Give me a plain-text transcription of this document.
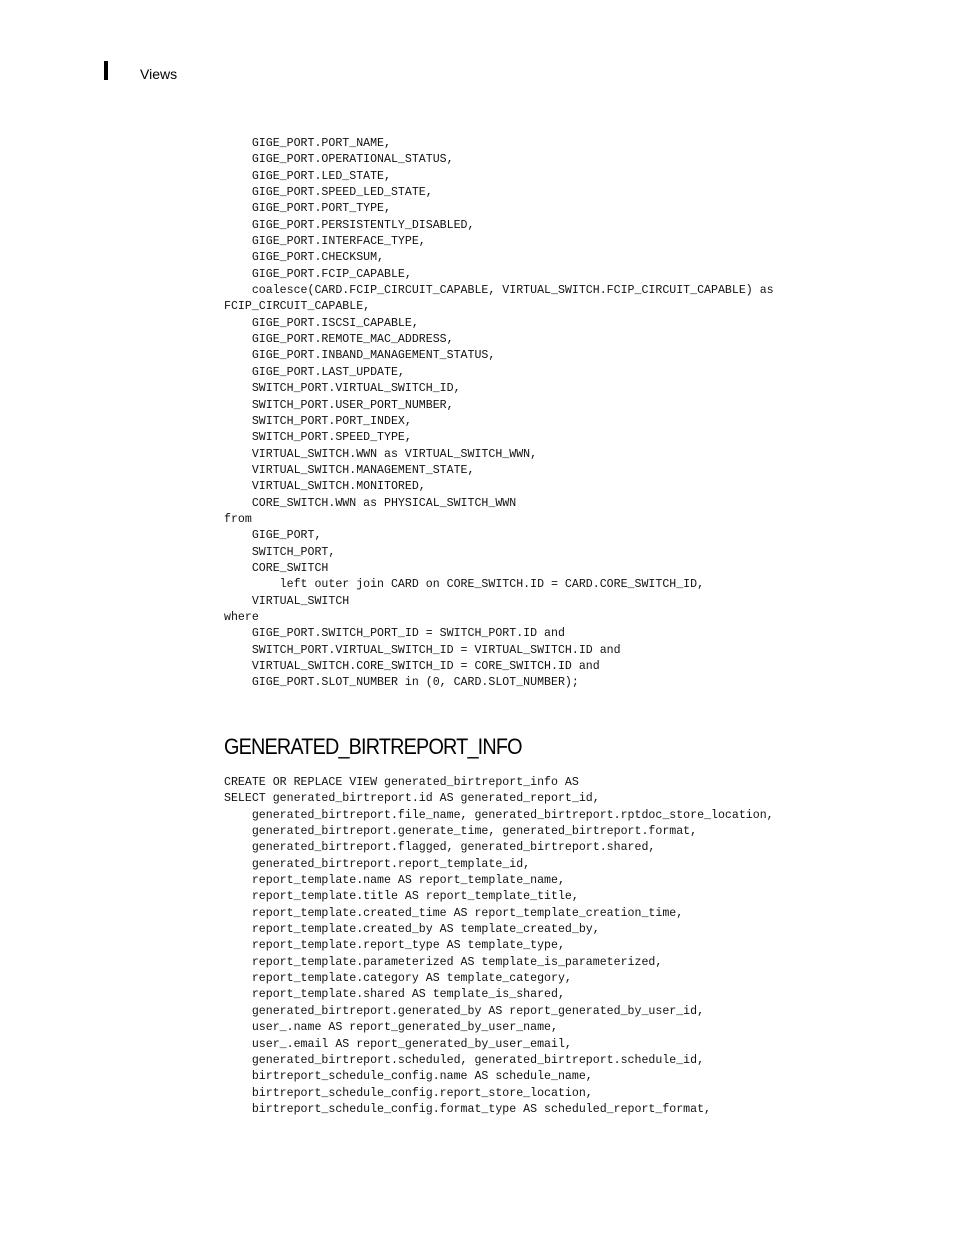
Views
GIGE_PORT.PORT_NAME,
GIGE_PORT.OPERATIONAL_STATUS,
GIGE_PORT.LED_STATE,
GIGE_PORT.SPEED_LED_STATE,
GIGE_PORT.PORT_TYPE,
GIGE_PORT.PERSISTENTLY_DISABLED,
GIGE_PORT.INTERFACE_TYPE,
GIGE_PORT.CHECKSUM,
GIGE_PORT.FCIP_CAPABLE,
coalesce(CARD.FCIP_CIRCUIT_CAPABLE, VIRTUAL_SWITCH.FCIP_CIRCUIT_CAPABLE) as
FCIP_CIRCUIT_CAPABLE,
GIGE_PORT.ISCSI_CAPABLE,
GIGE_PORT.REMOTE_MAC_ADDRESS,
GIGE_PORT.INBAND_MANAGEMENT_STATUS,
GIGE_PORT.LAST_UPDATE,
SWITCH_PORT.VIRTUAL_SWITCH_ID,
SWITCH_PORT.USER_PORT_NUMBER,
SWITCH_PORT.PORT_INDEX,
SWITCH_PORT.SPEED_TYPE,
VIRTUAL_SWITCH.WWN as VIRTUAL_SWITCH_WWN,
VIRTUAL_SWITCH.MANAGEMENT_STATE,
VIRTUAL_SWITCH.MONITORED,
CORE_SWITCH.WWN as PHYSICAL_SWITCH_WWN
from
GIGE_PORT,
SWITCH_PORT,
CORE_SWITCH
left outer join CARD on CORE_SWITCH.ID = CARD.CORE_SWITCH_ID,
VIRTUAL_SWITCH
where
GIGE_PORT.SWITCH_PORT_ID = SWITCH_PORT.ID and
SWITCH_PORT.VIRTUAL_SWITCH_ID = VIRTUAL_SWITCH.ID and
VIRTUAL_SWITCH.CORE_SWITCH_ID = CORE_SWITCH.ID and
GIGE_PORT.SLOT_NUMBER in (0, CARD.SLOT_NUMBER);
GENERATED_BIRTREPORT_INFO
CREATE OR REPLACE VIEW generated_birtreport_info AS
SELECT generated_birtreport.id AS generated_report_id,
generated_birtreport.file_name, generated_birtreport.rptdoc_store_location,
generated_birtreport.generate_time, generated_birtreport.format,
generated_birtreport.flagged, generated_birtreport.shared,
generated_birtreport.report_template_id,
report_template.name AS report_template_name,
report_template.title AS report_template_title,
report_template.created_time AS report_template_creation_time,
report_template.created_by AS template_created_by,
report_template.report_type AS template_type,
report_template.parameterized AS template_is_parameterized,
report_template.category AS template_category,
report_template.shared AS template_is_shared,
generated_birtreport.generated_by AS report_generated_by_user_id,
user_.name AS report_generated_by_user_name,
user_.email AS report_generated_by_user_email,
generated_birtreport.scheduled, generated_birtreport.schedule_id,
birtreport_schedule_config.name AS schedule_name,
birtreport_schedule_config.report_store_location,
birtreport_schedule_config.format_type AS scheduled_report_format,
